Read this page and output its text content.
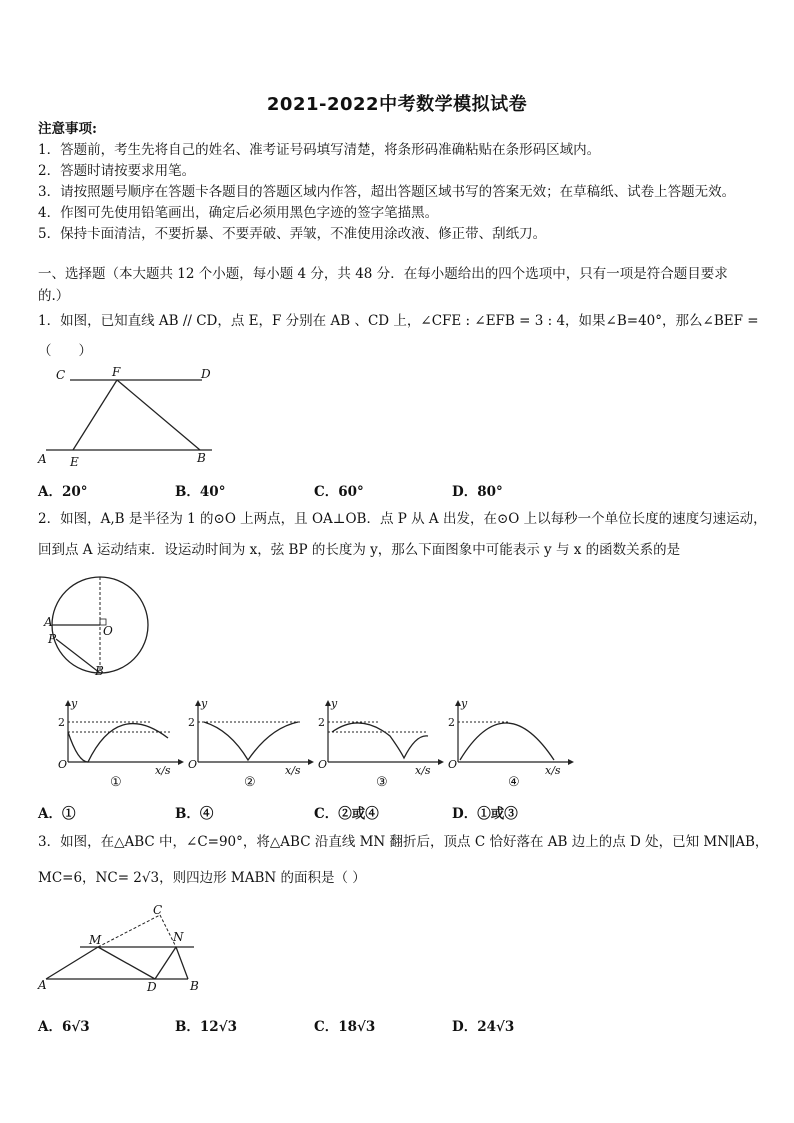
2021-2022中考数学模拟试卷
注意事项:
1．答题前，考生先将自己的姓名、准考证号码填写清楚，将条形码准确粘贴在条形码区域内。
2．答题时请按要求用笔。
3．请按照题号顺序在答题卡各题目的答题区域内作答，超出答题区域书写的答案无效；在草稿纸、试卷上答题无效。
4．作图可先使用铅笔画出，确定后必须用黑色字迹的签字笔描黑。
5．保持卡面清洁，不要折暴、不要弄破、弄皱，不准使用涂改液、修正带、刮纸刀。
一、选择题（本大题共 12 个小题，每小题 4 分，共 48 分．在每小题给出的四个选项中，只有一项是符合题目要求
的.）
1．如图，已知直线 AB // CD，点 E，F 分别在 AB 、CD 上，∠CFE : ∠EFB = 3 : 4，如果∠B=40°，那么∠BEF =
（　　）
C	F	D
A E	B
A．20°	B．40°	C．60°	D．80°
2．如图，A,B 是半径为 1 的⊙O 上两点，且 OA⊥OB．点 P 从 A 出发，在⊙O 上以每秒一个单位长度的速度匀速运动，
回到点 A 运动结束．设运动时间为 x，弦 BP 的长度为 y，那么下面图象中可能表示 y 与 x 的函数关系的是
A
O
P
B
y
2
O	x/s
①
y
2
O	x/s
②
y
2
O	x/s
③
y
2
O	x/s
④
A．①	B．④	C．②或④	D．①或③
3．如图，在△ABC 中，∠C=90°，将△ABC 沿直线 MN 翻折后，顶点 C 恰好落在 AB 边上的点 D 处，已知 MN∥AB，
MC=6，NC= 2√3，则四边形 MABN 的面积是（ ）
C
M	N
A	D	B
A．6√3	B．12√3	C．18√3	D．24√3
